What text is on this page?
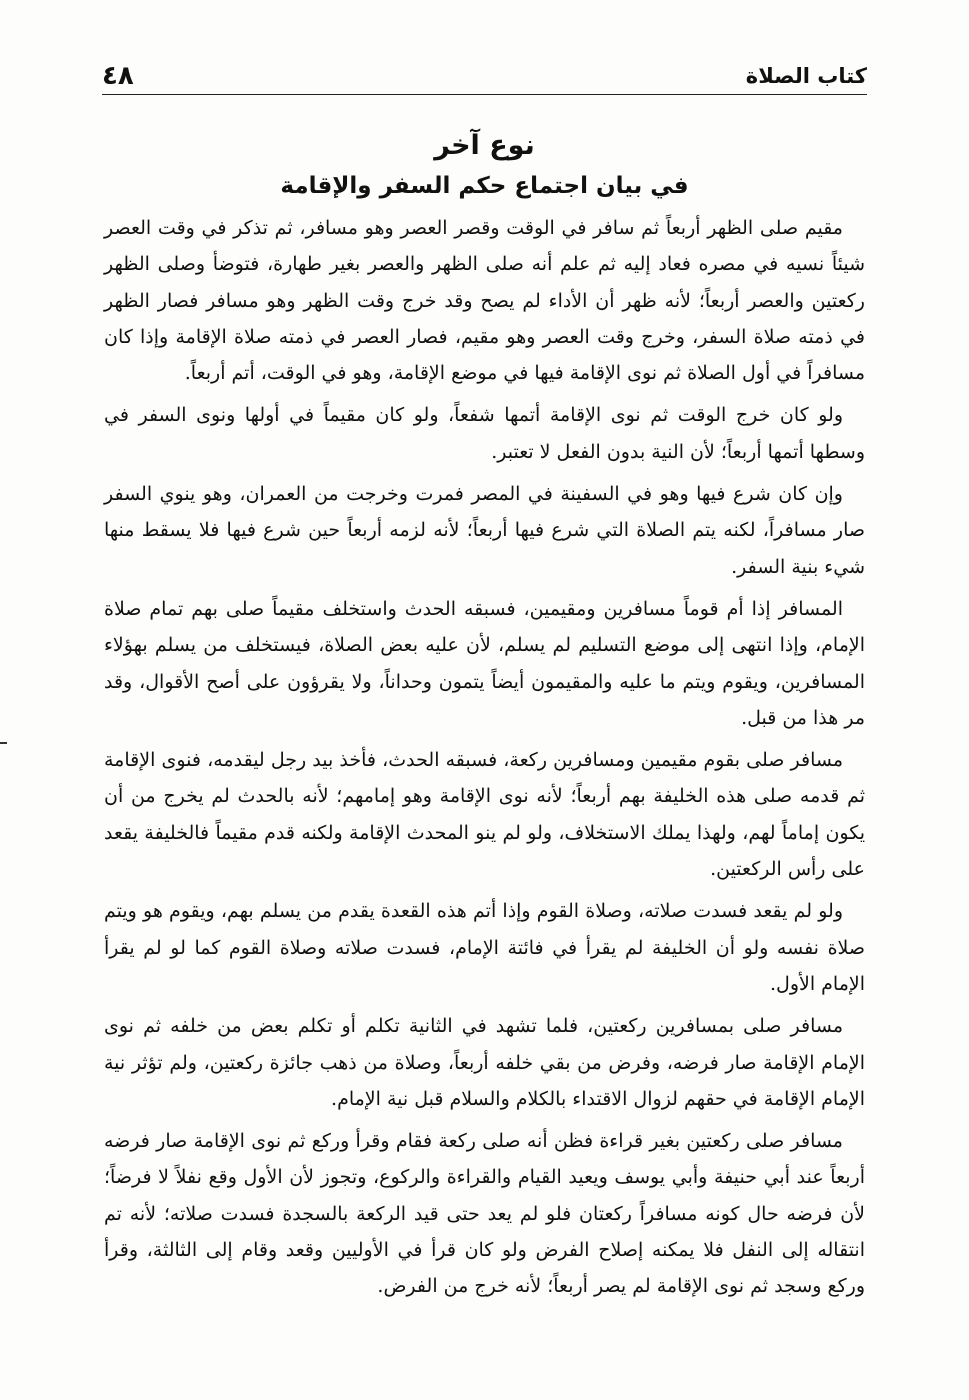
كتاب الصلاة
٤٨
نوع آخر
في بيان اجتماع حكم السفر والإقامة

مقيم صلى الظهر أربعاً ثم سافر في الوقت وقصر العصر وهو مسافر، ثم تذكر في وقت العصر شيئاً نسيه في مصره فعاد إليه ثم علم أنه صلى الظهر والعصر بغير طهارة، فتوضأ وصلى الظهر ركعتين والعصر أربعاً؛ لأنه ظهر أن الأداء لم يصح وقد خرج وقت الظهر وهو مسافر فصار الظهر في ذمته صلاة السفر، وخرج وقت العصر وهو مقيم، فصار العصر في ذمته صلاة الإقامة وإذا كان مسافراً في أول الصلاة ثم نوى الإقامة فيها في موضع الإقامة، وهو في الوقت، أتم أربعاً.

ولو كان خرج الوقت ثم نوى الإقامة أتمها شفعاً، ولو كان مقيماً في أولها ونوى السفر في وسطها أتمها أربعاً؛ لأن النية بدون الفعل لا تعتبر.

وإن كان شرع فيها وهو في السفينة في المصر فمرت وخرجت من العمران، وهو ينوي السفر صار مسافراً، لكنه يتم الصلاة التي شرع فيها أربعاً؛ لأنه لزمه أربعاً حين شرع فيها فلا يسقط منها شيء بنية السفر.

المسافر إذا أم قوماً مسافرين ومقيمين، فسبقه الحدث واستخلف مقيماً صلى بهم تمام صلاة الإمام، وإذا انتهى إلى موضع التسليم لم يسلم، لأن عليه بعض الصلاة، فيستخلف من يسلم بهؤلاء المسافرين، ويقوم ويتم ما عليه والمقيمون أيضاً يتمون وحداناً، ولا يقرؤون على أصح الأقوال، وقد مر هذا من قبل.

مسافر صلى بقوم مقيمين ومسافرين ركعة، فسبقه الحدث، فأخذ بيد رجل ليقدمه، فنوى الإقامة ثم قدمه صلى هذه الخليفة بهم أربعاً؛ لأنه نوى الإقامة وهو إمامهم؛ لأنه بالحدث لم يخرج من أن يكون إماماً لهم، ولهذا يملك الاستخلاف، ولو لم ينو المحدث الإقامة ولكنه قدم مقيماً فالخليفة يقعد على رأس الركعتين.

ولو لم يقعد فسدت صلاته، وصلاة القوم وإذا أتم هذه القعدة يقدم من يسلم بهم، ويقوم هو ويتم صلاة نفسه ولو أن الخليفة لم يقرأ في فائتة الإمام، فسدت صلاته وصلاة القوم كما لو لم يقرأ الإمام الأول.

مسافر صلى بمسافرين ركعتين، فلما تشهد في الثانية تكلم أو تكلم بعض من خلفه ثم نوى الإمام الإقامة صار فرضه، وفرض من بقي خلفه أربعاً، وصلاة من ذهب جائزة ركعتين، ولم تؤثر نية الإمام الإقامة في حقهم لزوال الاقتداء بالكلام والسلام قبل نية الإمام.

مسافر صلى ركعتين بغير قراءة فظن أنه صلى ركعة فقام وقرأ وركع ثم نوى الإقامة صار فرضه أربعاً عند أبي حنيفة وأبي يوسف ويعيد القيام والقراءة والركوع، وتجوز لأن الأول وقع نفلاً لا فرضاً؛ لأن فرضه حال كونه مسافراً ركعتان فلو لم يعد حتى قيد الركعة بالسجدة فسدت صلاته؛ لأنه تم انتقاله إلى النفل فلا يمكنه إصلاح الفرض ولو كان قرأ في الأوليين وقعد وقام إلى الثالثة، وقرأ وركع وسجد ثم نوى الإقامة لم يصر أربعاً؛ لأنه خرج من الفرض.
